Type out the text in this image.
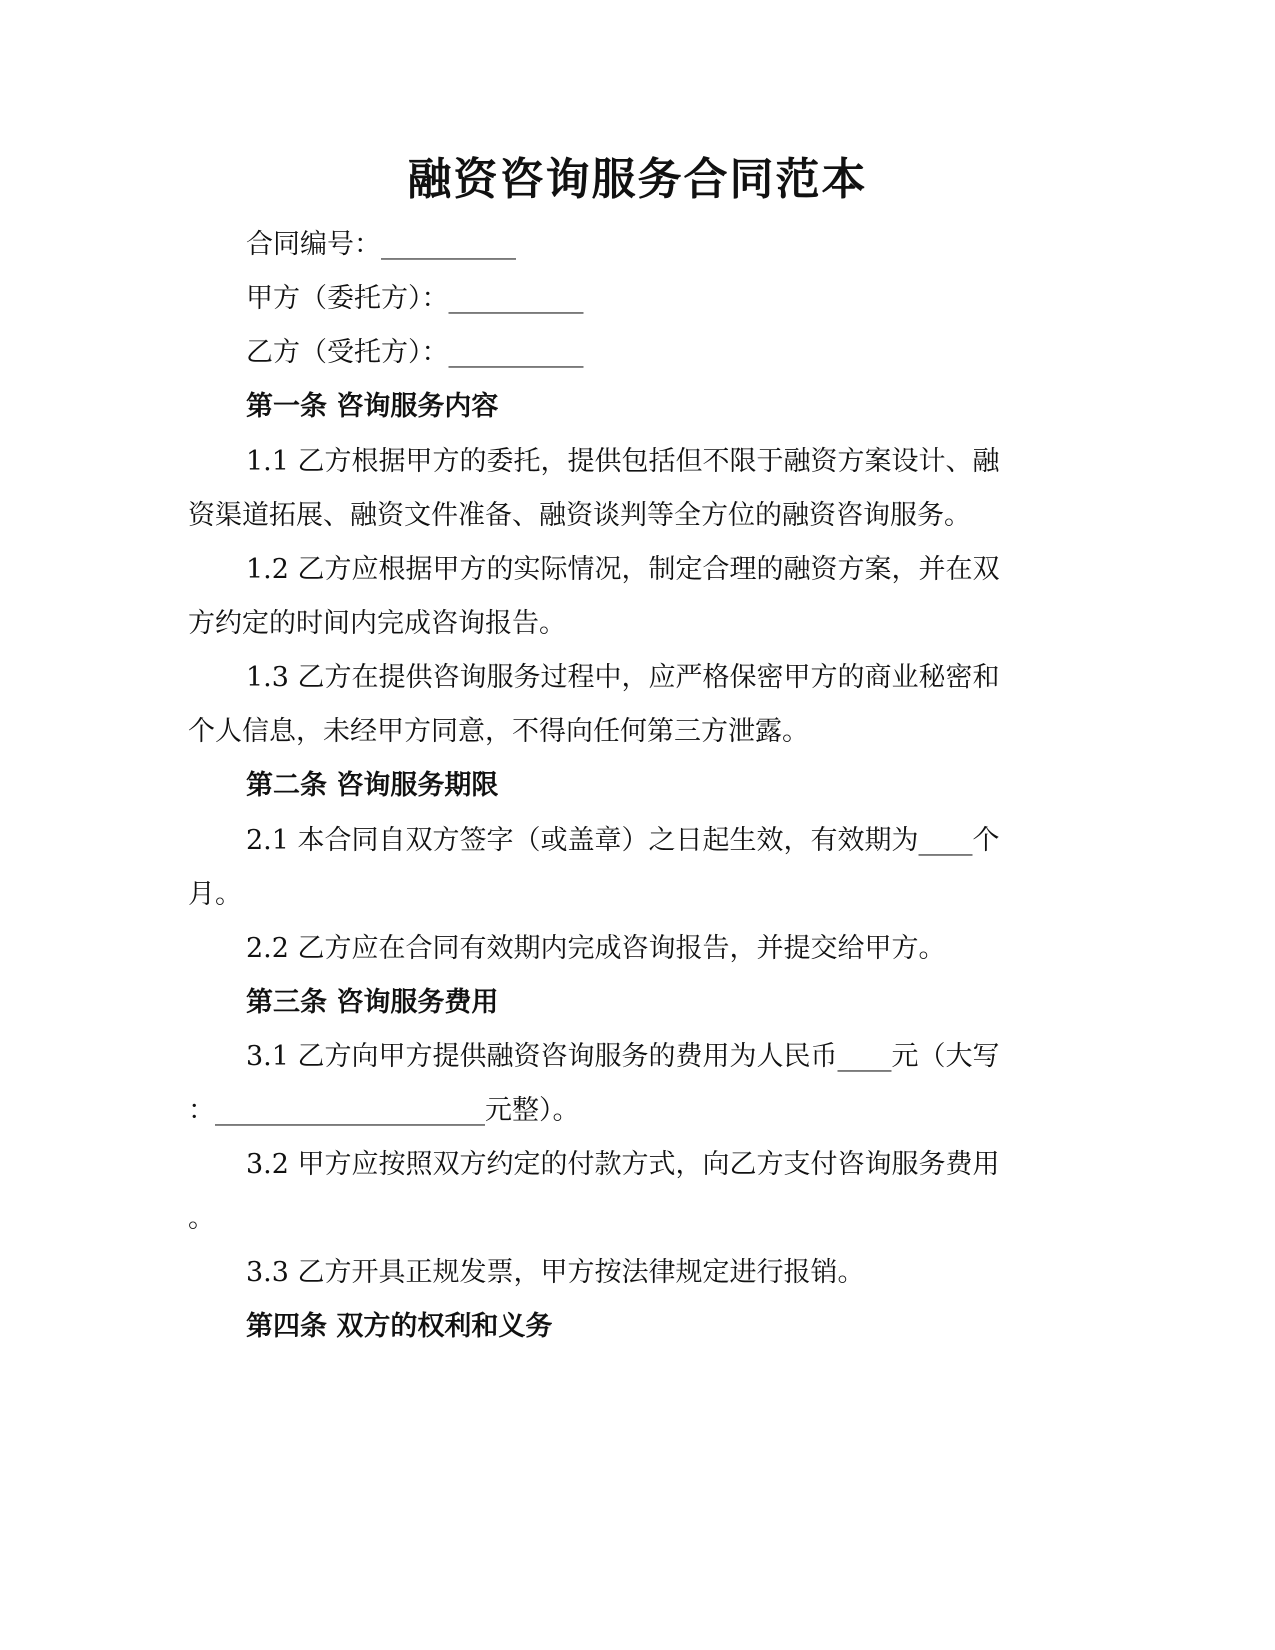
融资咨询服务合同范本

合同编号：__________

甲方（委托方）：__________

乙方（受托方）：__________

第一条 咨询服务内容

1.1 乙方根据甲方的委托，提供包括但不限于融资方案设计、融

资渠道拓展、融资文件准备、融资谈判等全方位的融资咨询服务。

1.2 乙方应根据甲方的实际情况，制定合理的融资方案，并在双

方约定的时间内完成咨询报告。

1.3 乙方在提供咨询服务过程中，应严格保密甲方的商业秘密和

个人信息，未经甲方同意，不得向任何第三方泄露。

第二条 咨询服务期限

2.1 本合同自双方签字（或盖章）之日起生效，有效期为____个

月。

2.2 乙方应在合同有效期内完成咨询报告，并提交给甲方。

第三条 咨询服务费用

3.1 乙方向甲方提供融资咨询服务的费用为人民币____元（大写

：____________________元整）。

3.2 甲方应按照双方约定的付款方式，向乙方支付咨询服务费用

。

3.3 乙方开具正规发票，甲方按法律规定进行报销。

第四条 双方的权利和义务
